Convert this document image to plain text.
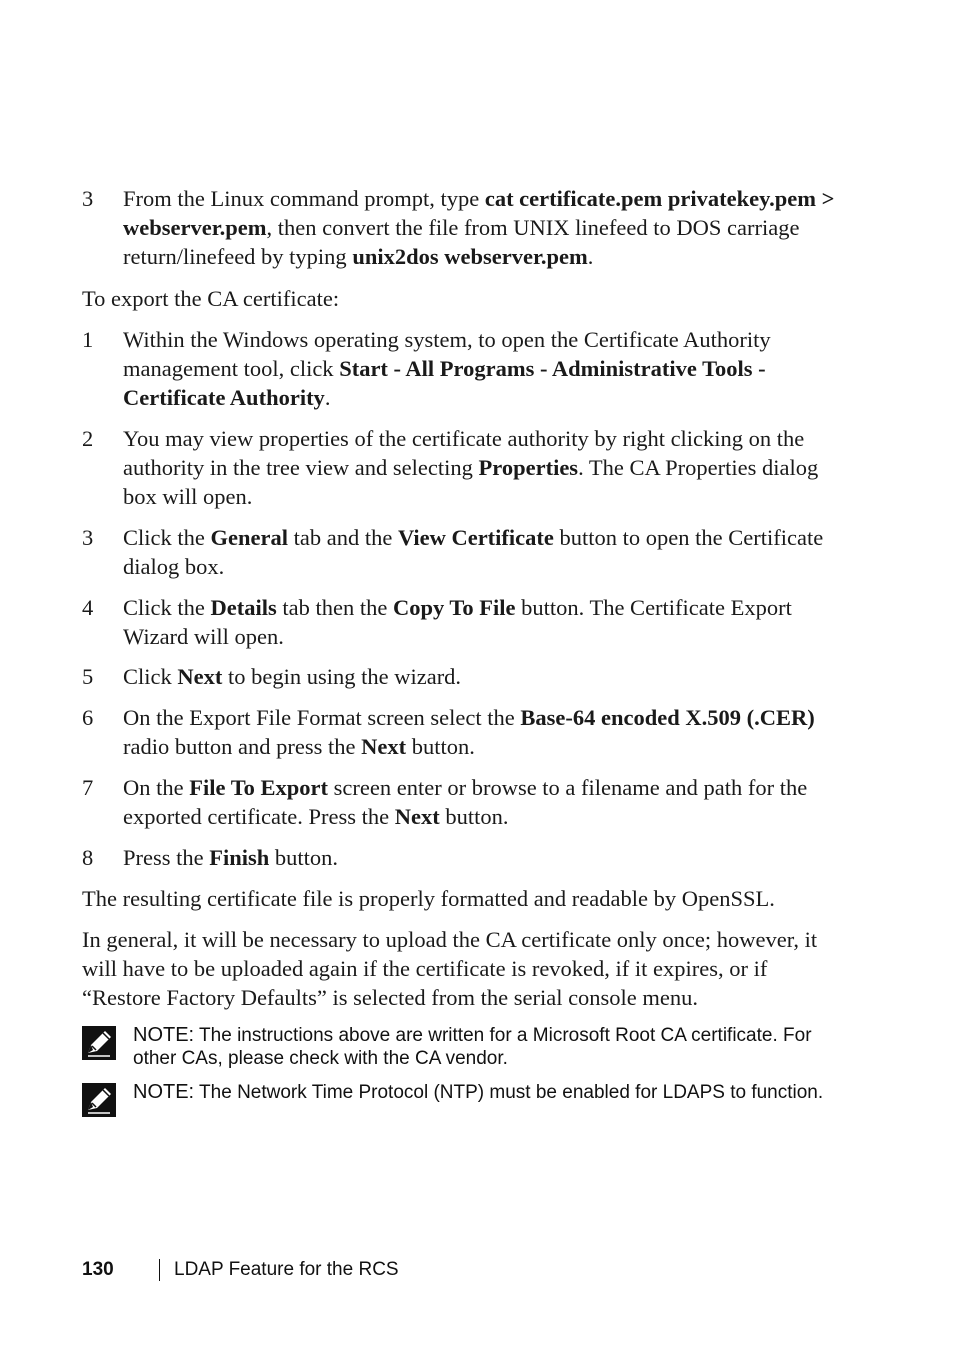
3	From the Linux command prompt, type cat certificate.pem privatekey.pem > webserver.pem, then convert the file from UNIX linefeed to DOS carriage return/linefeed by typing unix2dos webserver.pem.
To export the CA certificate:
1	Within the Windows operating system, to open the Certificate Authority management tool, click Start - All Programs - Administrative Tools - Certificate Authority.
2	You may view properties of the certificate authority by right clicking on the authority in the tree view and selecting Properties. The CA Properties dialog box will open.
3	Click the General tab and the View Certificate button to open the Certificate dialog box.
4	Click the Details tab then the Copy To File button. The Certificate Export Wizard will open.
5	Click Next to begin using the wizard.
6	On the Export File Format screen select the Base-64 encoded X.509 (.CER) radio button and press the Next button.
7	On the File To Export screen enter or browse to a filename and path for the exported certificate. Press the Next button.
8	Press the Finish button.
The resulting certificate file is properly formatted and readable by OpenSSL.
In general, it will be necessary to upload the CA certificate only once; however, it will have to be uploaded again if the certificate is revoked, if it expires, or if “Restore Factory Defaults” is selected from the serial console menu.
NOTE: The instructions above are written for a Microsoft Root CA certificate. For other CAs, please check with the CA vendor.
NOTE: The Network Time Protocol (NTP) must be enabled for LDAPS to function.
130	LDAP Feature for the RCS
